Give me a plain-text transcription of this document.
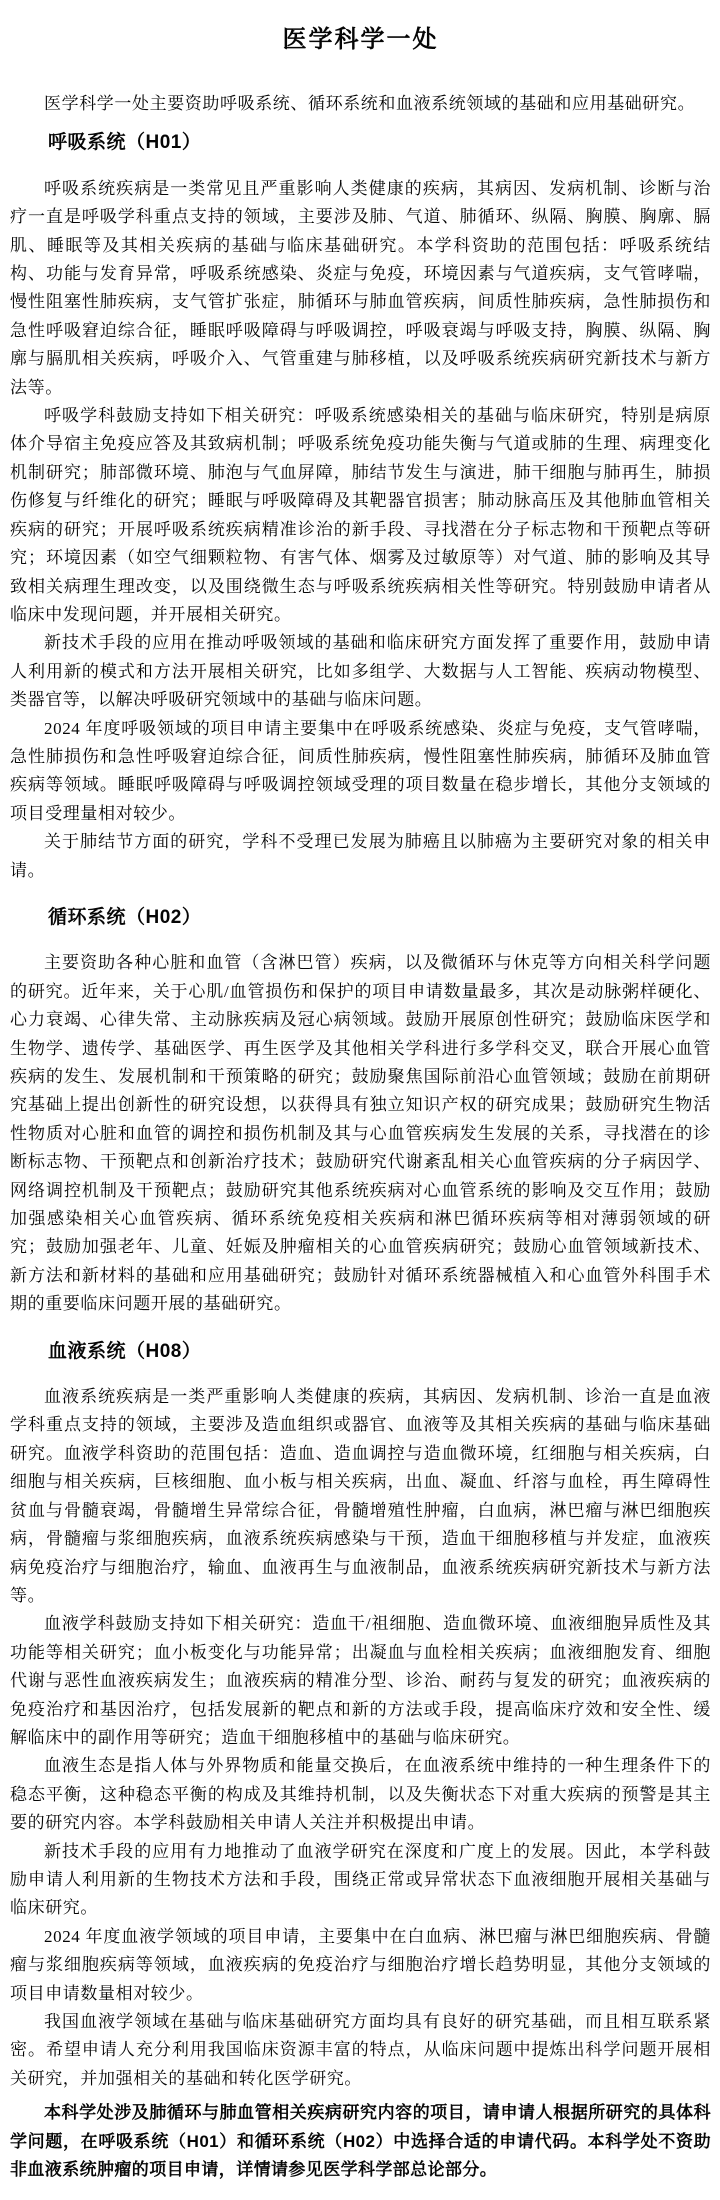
医学科学一处

医学科学一处主要资助呼吸系统、循环系统和血液系统领域的基础和应用基础研究。

呼吸系统（H01）

呼吸系统疾病是一类常见且严重影响人类健康的疾病，其病因、发病机制、诊断与治疗一直是呼吸学科重点支持的领域，主要涉及肺、气道、肺循环、纵隔、胸膜、胸廓、膈肌、睡眠等及其相关疾病的基础与临床基础研究。本学科资助的范围包括：呼吸系统结构、功能与发育异常，呼吸系统感染、炎症与免疫，环境因素与气道疾病，支气管哮喘，慢性阻塞性肺疾病，支气管扩张症，肺循环与肺血管疾病，间质性肺疾病，急性肺损伤和急性呼吸窘迫综合征，睡眠呼吸障碍与呼吸调控，呼吸衰竭与呼吸支持，胸膜、纵隔、胸廓与膈肌相关疾病，呼吸介入、气管重建与肺移植，以及呼吸系统疾病研究新技术与新方法等。

呼吸学科鼓励支持如下相关研究：呼吸系统感染相关的基础与临床研究，特别是病原体介导宿主免疫应答及其致病机制；呼吸系统免疫功能失衡与气道或肺的生理、病理变化机制研究；肺部微环境、肺泡与气血屏障，肺结节发生与演进，肺干细胞与肺再生，肺损伤修复与纤维化的研究；睡眠与呼吸障碍及其靶器官损害；肺动脉高压及其他肺血管相关疾病的研究；开展呼吸系统疾病精准诊治的新手段、寻找潜在分子标志物和干预靶点等研究；环境因素（如空气细颗粒物、有害气体、烟雾及过敏原等）对气道、肺的影响及其导致相关病理生理改变，以及围绕微生态与呼吸系统疾病相关性等研究。特别鼓励申请者从临床中发现问题，并开展相关研究。

新技术手段的应用在推动呼吸领域的基础和临床研究方面发挥了重要作用，鼓励申请人利用新的模式和方法开展相关研究，比如多组学、大数据与人工智能、疾病动物模型、类器官等，以解决呼吸研究领域中的基础与临床问题。

2024 年度呼吸领域的项目申请主要集中在呼吸系统感染、炎症与免疫，支气管哮喘，急性肺损伤和急性呼吸窘迫综合征，间质性肺疾病，慢性阻塞性肺疾病，肺循环及肺血管疾病等领域。睡眠呼吸障碍与呼吸调控领域受理的项目数量在稳步增长，其他分支领域的项目受理量相对较少。

关于肺结节方面的研究，学科不受理已发展为肺癌且以肺癌为主要研究对象的相关申请。

循环系统（H02）

主要资助各种心脏和血管（含淋巴管）疾病，以及微循环与休克等方向相关科学问题的研究。近年来，关于心肌/血管损伤和保护的项目申请数量最多，其次是动脉粥样硬化、心力衰竭、心律失常、主动脉疾病及冠心病领域。鼓励开展原创性研究；鼓励临床医学和生物学、遗传学、基础医学、再生医学及其他相关学科进行多学科交叉，联合开展心血管疾病的发生、发展机制和干预策略的研究；鼓励聚焦国际前沿心血管领域；鼓励在前期研究基础上提出创新性的研究设想，以获得具有独立知识产权的研究成果；鼓励研究生物活性物质对心脏和血管的调控和损伤机制及其与心血管疾病发生发展的关系，寻找潜在的诊断标志物、干预靶点和创新治疗技术；鼓励研究代谢紊乱相关心血管疾病的分子病因学、网络调控机制及干预靶点；鼓励研究其他系统疾病对心血管系统的影响及交互作用；鼓励加强感染相关心血管疾病、循环系统免疫相关疾病和淋巴循环疾病等相对薄弱领域的研究；鼓励加强老年、儿童、妊娠及肿瘤相关的心血管疾病研究；鼓励心血管领域新技术、新方法和新材料的基础和应用基础研究；鼓励针对循环系统器械植入和心血管外科围手术期的重要临床问题开展的基础研究。

血液系统（H08）

血液系统疾病是一类严重影响人类健康的疾病，其病因、发病机制、诊治一直是血液学科重点支持的领域，主要涉及造血组织或器官、血液等及其相关疾病的基础与临床基础研究。血液学科资助的范围包括：造血、造血调控与造血微环境，红细胞与相关疾病，白细胞与相关疾病，巨核细胞、血小板与相关疾病，出血、凝血、纤溶与血栓，再生障碍性贫血与骨髓衰竭，骨髓增生异常综合征，骨髓增殖性肿瘤，白血病，淋巴瘤与淋巴细胞疾病，骨髓瘤与浆细胞疾病，血液系统疾病感染与干预，造血干细胞移植与并发症，血液疾病免疫治疗与细胞治疗，输血、血液再生与血液制品，血液系统疾病研究新技术与新方法等。

血液学科鼓励支持如下相关研究：造血干/祖细胞、造血微环境、血液细胞异质性及其功能等相关研究；血小板变化与功能异常；出凝血与血栓相关疾病；血液细胞发育、细胞代谢与恶性血液疾病发生；血液疾病的精准分型、诊治、耐药与复发的研究；血液疾病的免疫治疗和基因治疗，包括发展新的靶点和新的方法或手段，提高临床疗效和安全性、缓解临床中的副作用等研究；造血干细胞移植中的基础与临床研究。

血液生态是指人体与外界物质和能量交换后，在血液系统中维持的一种生理条件下的稳态平衡，这种稳态平衡的构成及其维持机制，以及失衡状态下对重大疾病的预警是其主要的研究内容。本学科鼓励相关申请人关注并积极提出申请。

新技术手段的应用有力地推动了血液学研究在深度和广度上的发展。因此，本学科鼓励申请人利用新的生物技术方法和手段，围绕正常或异常状态下血液细胞开展相关基础与临床研究。

2024 年度血液学领域的项目申请，主要集中在白血病、淋巴瘤与淋巴细胞疾病、骨髓瘤与浆细胞疾病等领域，血液疾病的免疫治疗与细胞治疗增长趋势明显，其他分支领域的项目申请数量相对较少。

我国血液学领域在基础与临床基础研究方面均具有良好的研究基础，而且相互联系紧密。希望申请人充分利用我国临床资源丰富的特点，从临床问题中提炼出科学问题开展相关研究，并加强相关的基础和转化医学研究。

本科学处涉及肺循环与肺血管相关疾病研究内容的项目，请申请人根据所研究的具体科学问题，在呼吸系统（H01）和循环系统（H02）中选择合适的申请代码。本科学处不资助非血液系统肿瘤的项目申请，详情请参见医学科学部总论部分。
